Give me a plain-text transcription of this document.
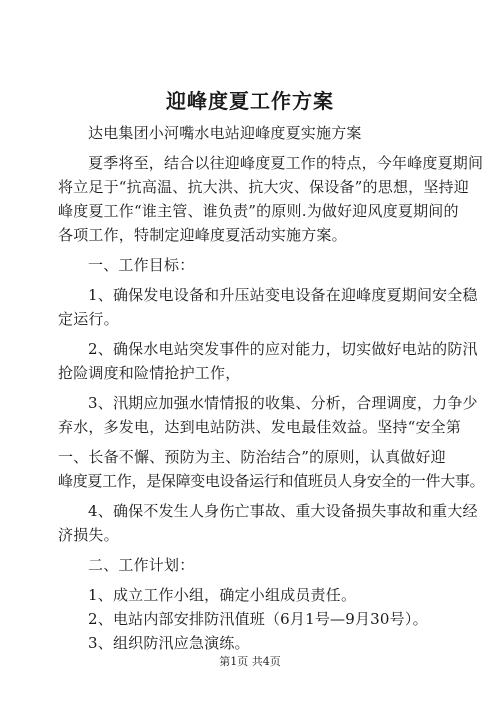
迎峰度夏工作方案
达电集团小河嘴水电站迎峰度夏实施方案
夏季将至，结合以往迎峰度夏工作的特点，今年峰度夏期间
将立足于“抗高温、抗大洪、抗大灾、保设备”的思想，坚持迎
峰度夏工作“谁主管、谁负责”的原则.为做好迎风度夏期间的
各项工作，特制定迎峰度夏活动实施方案。
一、工作目标：
1、确保发电设备和升压站变电设备在迎峰度夏期间安全稳
定运行。
2、确保水电站突发事件的应对能力，切实做好电站的防汛
抢险调度和险情抢护工作，
3、汛期应加强水情情报的收集、分析，合理调度，力争少
弃水，多发电，达到电站防洪、发电最佳效益。坚持“安全第
一、长备不懈、预防为主、防治结合”的原则，认真做好迎
峰度夏工作，是保障变电设备运行和值班员人身安全的一件大事。
4、确保不发生人身伤亡事故、重大设备损失事故和重大经
济损失。
二、工作计划：
1、成立工作小组，确定小组成员责任。
2、电站内部安排防汛值班（6月1号—9月30号）。
3、组织防汛应急演练。
第1页 共4页
